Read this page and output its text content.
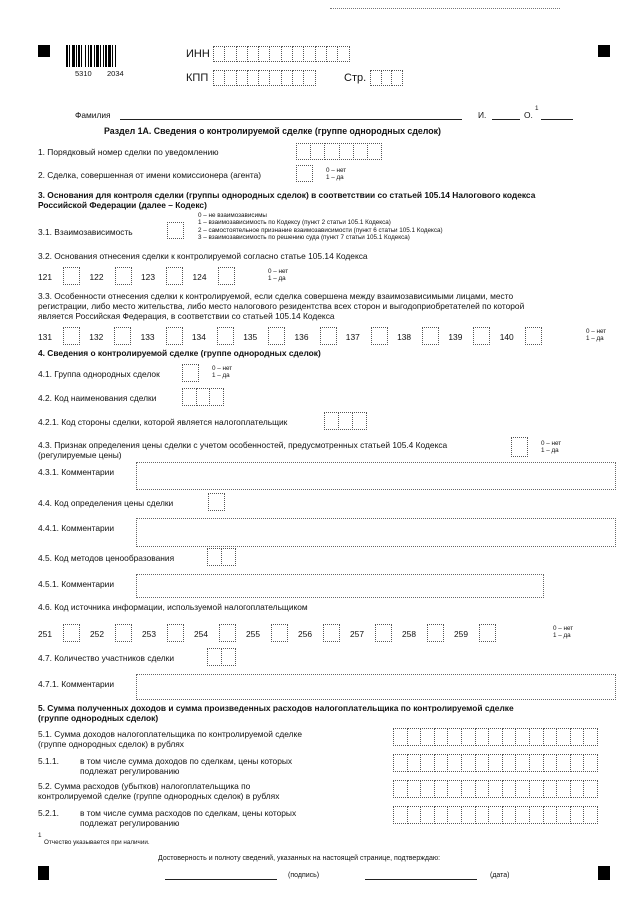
5310 2034
ИНН
КПП	Стр.
Фамилия	И.	О.
1
Раздел 1А. Сведения о контролируемой сделке (группе однородных сделок)
1. Порядковый номер сделки по уведомлению
2. Сделка, совершенная от имени комиссионера (агента)	0 – нет
1 – да
3. Основания для контроля сделки (группы однородных сделок) в соответствии со статьей 105.14 Налогового кодекса
Российской Федерации (далее – Кодекс)
3.1. Взаимозависимость
0 – не взаимозависимы
1 – взаимозависимость по Кодексу (пункт 2 статьи 105.1 Кодекса)
2 – самостоятельное признание взаимозависимости (пункт 6 статьи 105.1 Кодекса)
3 – взаимозависимость по решению суда (пункт 7 статьи 105.1 Кодекса)
3.2. Основания отнесения сделки к контролируемой согласно статье 105.14 Кодекса
121	122	123	124
0 – нет
1 – да
3.3. Особенности отнесения сделки к контролируемой, если сделка совершена между взаимозависимыми лицами, место
регистрации, либо место жительства, либо место налогового резидентства всех сторон и выгодоприобретателей по которой
является Российская Федерация, в соответствии со статьей 105.14 Кодекса
131	132	133	134	135	136	137	138	139	140
0 – нет
1 – да
4. Сведения о контролируемой сделке (группе однородных сделок)
4.1. Группа однородных сделок
0 – нет
1 – да
4.2. Код наименования сделки
4.2.1. Код стороны сделки, которой является налогоплательщик
4.3. Признак определения цены сделки с учетом особенностей, предусмотренных статьей 105.4 Кодекса
(регулируемые цены)
0 – нет
1 – да
4.3.1. Комментарии
4.4. Код определения цены сделки
4.4.1. Комментарии
4.5. Код методов ценообразования
4.5.1. Комментарии
4.6. Код источника информации, используемой налогоплательщиком
251	252	253	254	255	256	257	258	259
0 – нет
1 – да
4.7. Количество участников сделки
4.7.1. Комментарии
5. Сумма полученных доходов и сумма произведенных расходов налогоплательщика по контролируемой сделке
(группе однородных сделок)
5.1. Сумма доходов налогоплательщика по контролируемой сделке
(группе однородных сделок) в рублях
5.1.1.	в том числе сумма доходов по сделкам, цены которых
подлежат регулированию
5.2. Сумма расходов (убытков) налогоплательщика по
контролируемой сделке (группе однородных сделок) в рублях
5.2.1.	в том числе сумма расходов по сделкам, цены которых
подлежат регулированию
1
Отчество указывается при наличии.
Достоверность и полноту сведений, указанных на настоящей странице, подтверждаю:
(подпись)	(дата)
